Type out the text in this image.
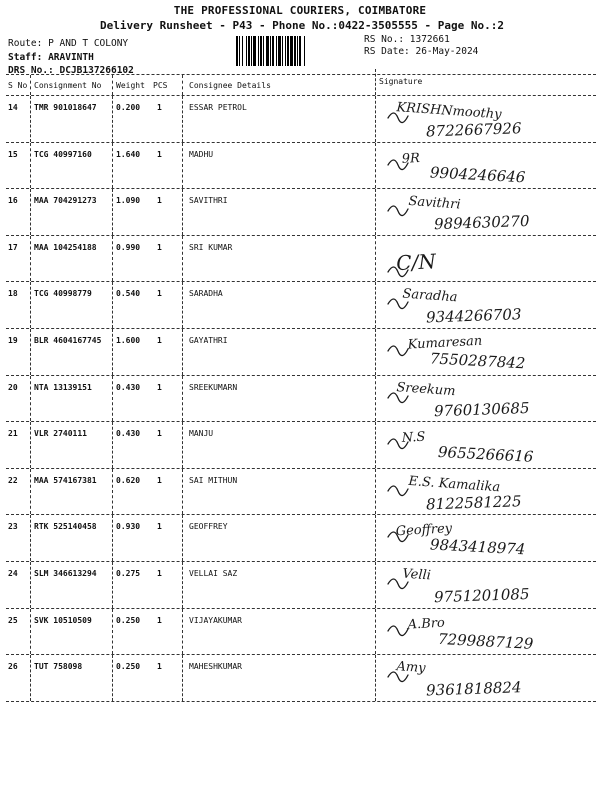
THE PROFESSIONAL COURIERS, COIMBATORE
Delivery Runsheet - P43 - Phone No.:0422-3505555 - Page No.:2
Route: P AND T COLONY
Staff: ARAVINTH
DRS No.: DCJB137266102
RS No.: 1372661
RS Date: 26-May-2024
S No Consignment No Weight PCS	Consignee Details	Signature
14 TMR 901018647 0.200 1	ESSAR PETROL	KRISHNmoothy
8722667926
15 TCG 40997160	1.640 1	MADHU	9R
9904246646
16 MAA 704291273 1.090 1	SAVITHRI	Savithri
9894630270
17 MAA 104254188 0.990 1	SRI KUMAR
C/N
18 TCG 40998779	0.540 1	SARADHA	Saradha
9344266703
19 BLR 4604167745 1.600 1	GAYATHRI	Kumaresan
7550287842
20 NTA 13139151	0.430 1	SREEKUMARN	Sreekum
9760130685
21 VLR 2740111	0.430 1	MANJU	N.S
9655266616
22 MAA 574167381 0.620 1	SAI MITHUN	E.S. Kamalika
8122581225
23 RTK 525140458 0.930 1	GEOFFREY	Geoffrey
9843418974
24 SLM 346613294 0.275 1	VELLAI SAZ	Velli
9751201085
25 SVK 10510509	0.250 1	VIJAYAKUMAR	A.Bro
7299887129
26 TUT 758098	0.250 1	MAHESHKUMAR	Amy
9361818824
